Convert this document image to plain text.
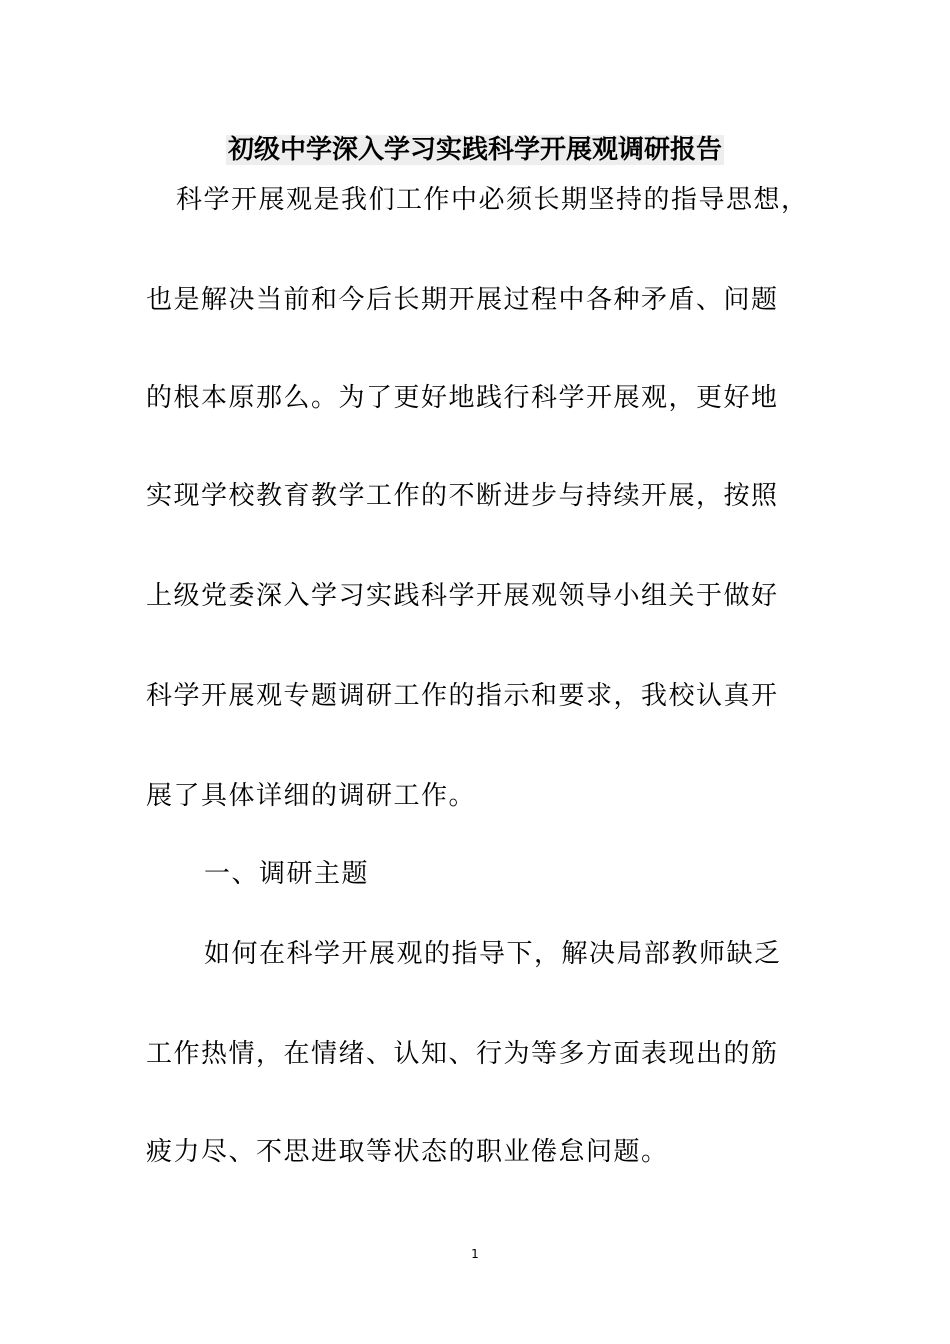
初级中学深入学习实践科学开展观调研报告

科学开展观是我们工作中必须长期坚持的指导思想，

也是解决当前和今后长期开展过程中各种矛盾、问题

的根本原那么。为了更好地践行科学开展观，更好地

实现学校教育教学工作的不断进步与持续开展，按照

上级党委深入学习实践科学开展观领导小组关于做好

科学开展观专题调研工作的指示和要求，我校认真开

展了具体详细的调研工作。

一、调研主题

如何在科学开展观的指导下，解决局部教师缺乏

工作热情，在情绪、认知、行为等多方面表现出的筋

疲力尽、不思进取等状态的职业倦怠问题。

1
